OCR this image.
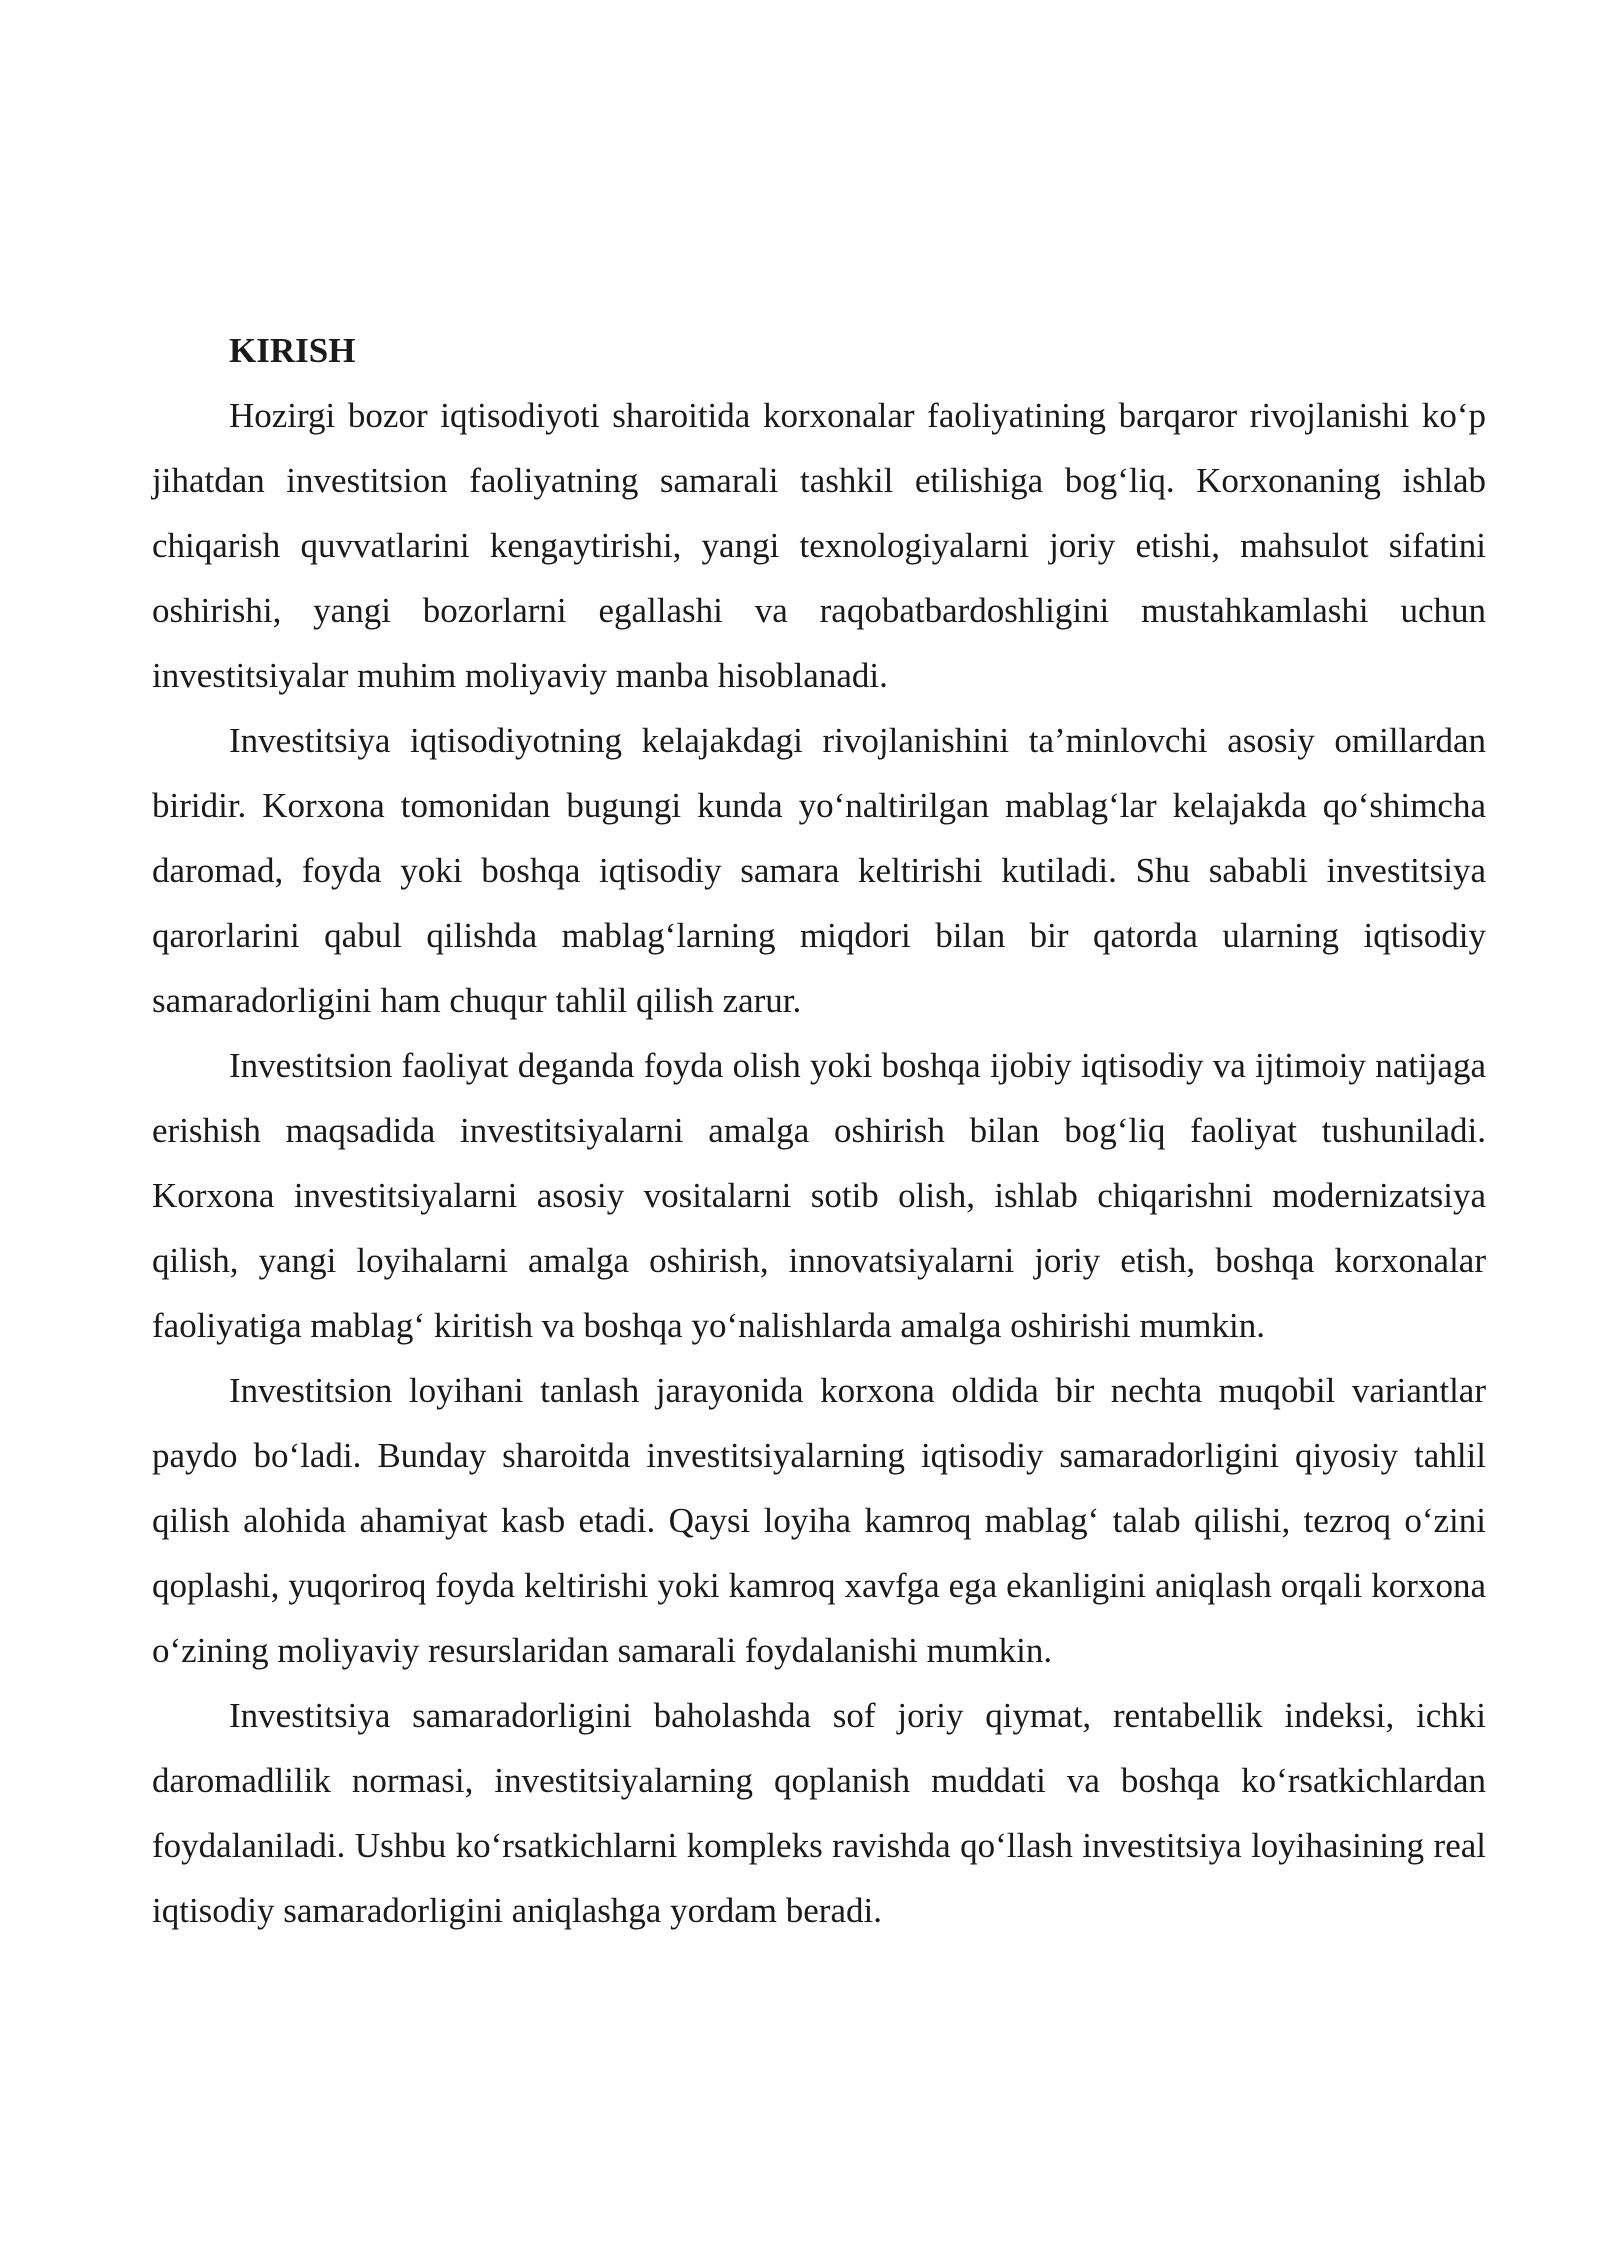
KIRISH

Hozirgi bozor iqtisodiyoti sharoitida korxonalar faoliyatining barqaror rivojlanishi ko‘p jihatdan investitsion faoliyatning samarali tashkil etilishiga bog‘liq. Korxonaning ishlab chiqarish quvvatlarini kengaytirishi, yangi texnologiyalarni joriy etishi, mahsulot sifatini oshirishi, yangi bozorlarni egallashi va raqobatbardoshligini mustahkamlashi uchun investitsiyalar muhim moliyaviy manba hisoblanadi.

Investitsiya iqtisodiyotning kelajakdagi rivojlanishini ta’minlovchi asosiy omillardan biridir. Korxona tomonidan bugungi kunda yo‘naltirilgan mablag‘lar kelajakda qo‘shimcha daromad, foyda yoki boshqa iqtisodiy samara keltirishi kutiladi. Shu sababli investitsiya qarorlarini qabul qilishda mablag‘larning miqdori bilan bir qatorda ularning iqtisodiy samaradorligini ham chuqur tahlil qilish zarur.

Investitsion faoliyat deganda foyda olish yoki boshqa ijobiy iqtisodiy va ijtimoiy natijaga erishish maqsadida investitsiyalarni amalga oshirish bilan bog‘liq faoliyat tushuniladi. Korxona investitsiyalarni asosiy vositalarni sotib olish, ishlab chiqarishni modernizatsiya qilish, yangi loyihalarni amalga oshirish, innovatsiyalarni joriy etish, boshqa korxonalar faoliyatiga mablag‘ kiritish va boshqa yo‘nalishlarda amalga oshirishi mumkin.

Investitsion loyihani tanlash jarayonida korxona oldida bir nechta muqobil variantlar paydo bo‘ladi. Bunday sharoitda investitsiyalarning iqtisodiy samaradorligini qiyosiy tahlil qilish alohida ahamiyat kasb etadi. Qaysi loyiha kamroq mablag‘ talab qilishi, tezroq o‘zini qoplashi, yuqoriroq foyda keltirishi yoki kamroq xavfga ega ekanligini aniqlash orqali korxona o‘zining moliyaviy resurslaridan samarali foydalanishi mumkin.

Investitsiya samaradorligini baholashda sof joriy qiymat, rentabellik indeksi, ichki daromadlilik normasi, investitsiyalarning qoplanish muddati va boshqa ko‘rsatkichlardan foydalaniladi. Ushbu ko‘rsatkichlarni kompleks ravishda qo‘llash investitsiya loyihasining real iqtisodiy samaradorligini aniqlashga yordam beradi.
